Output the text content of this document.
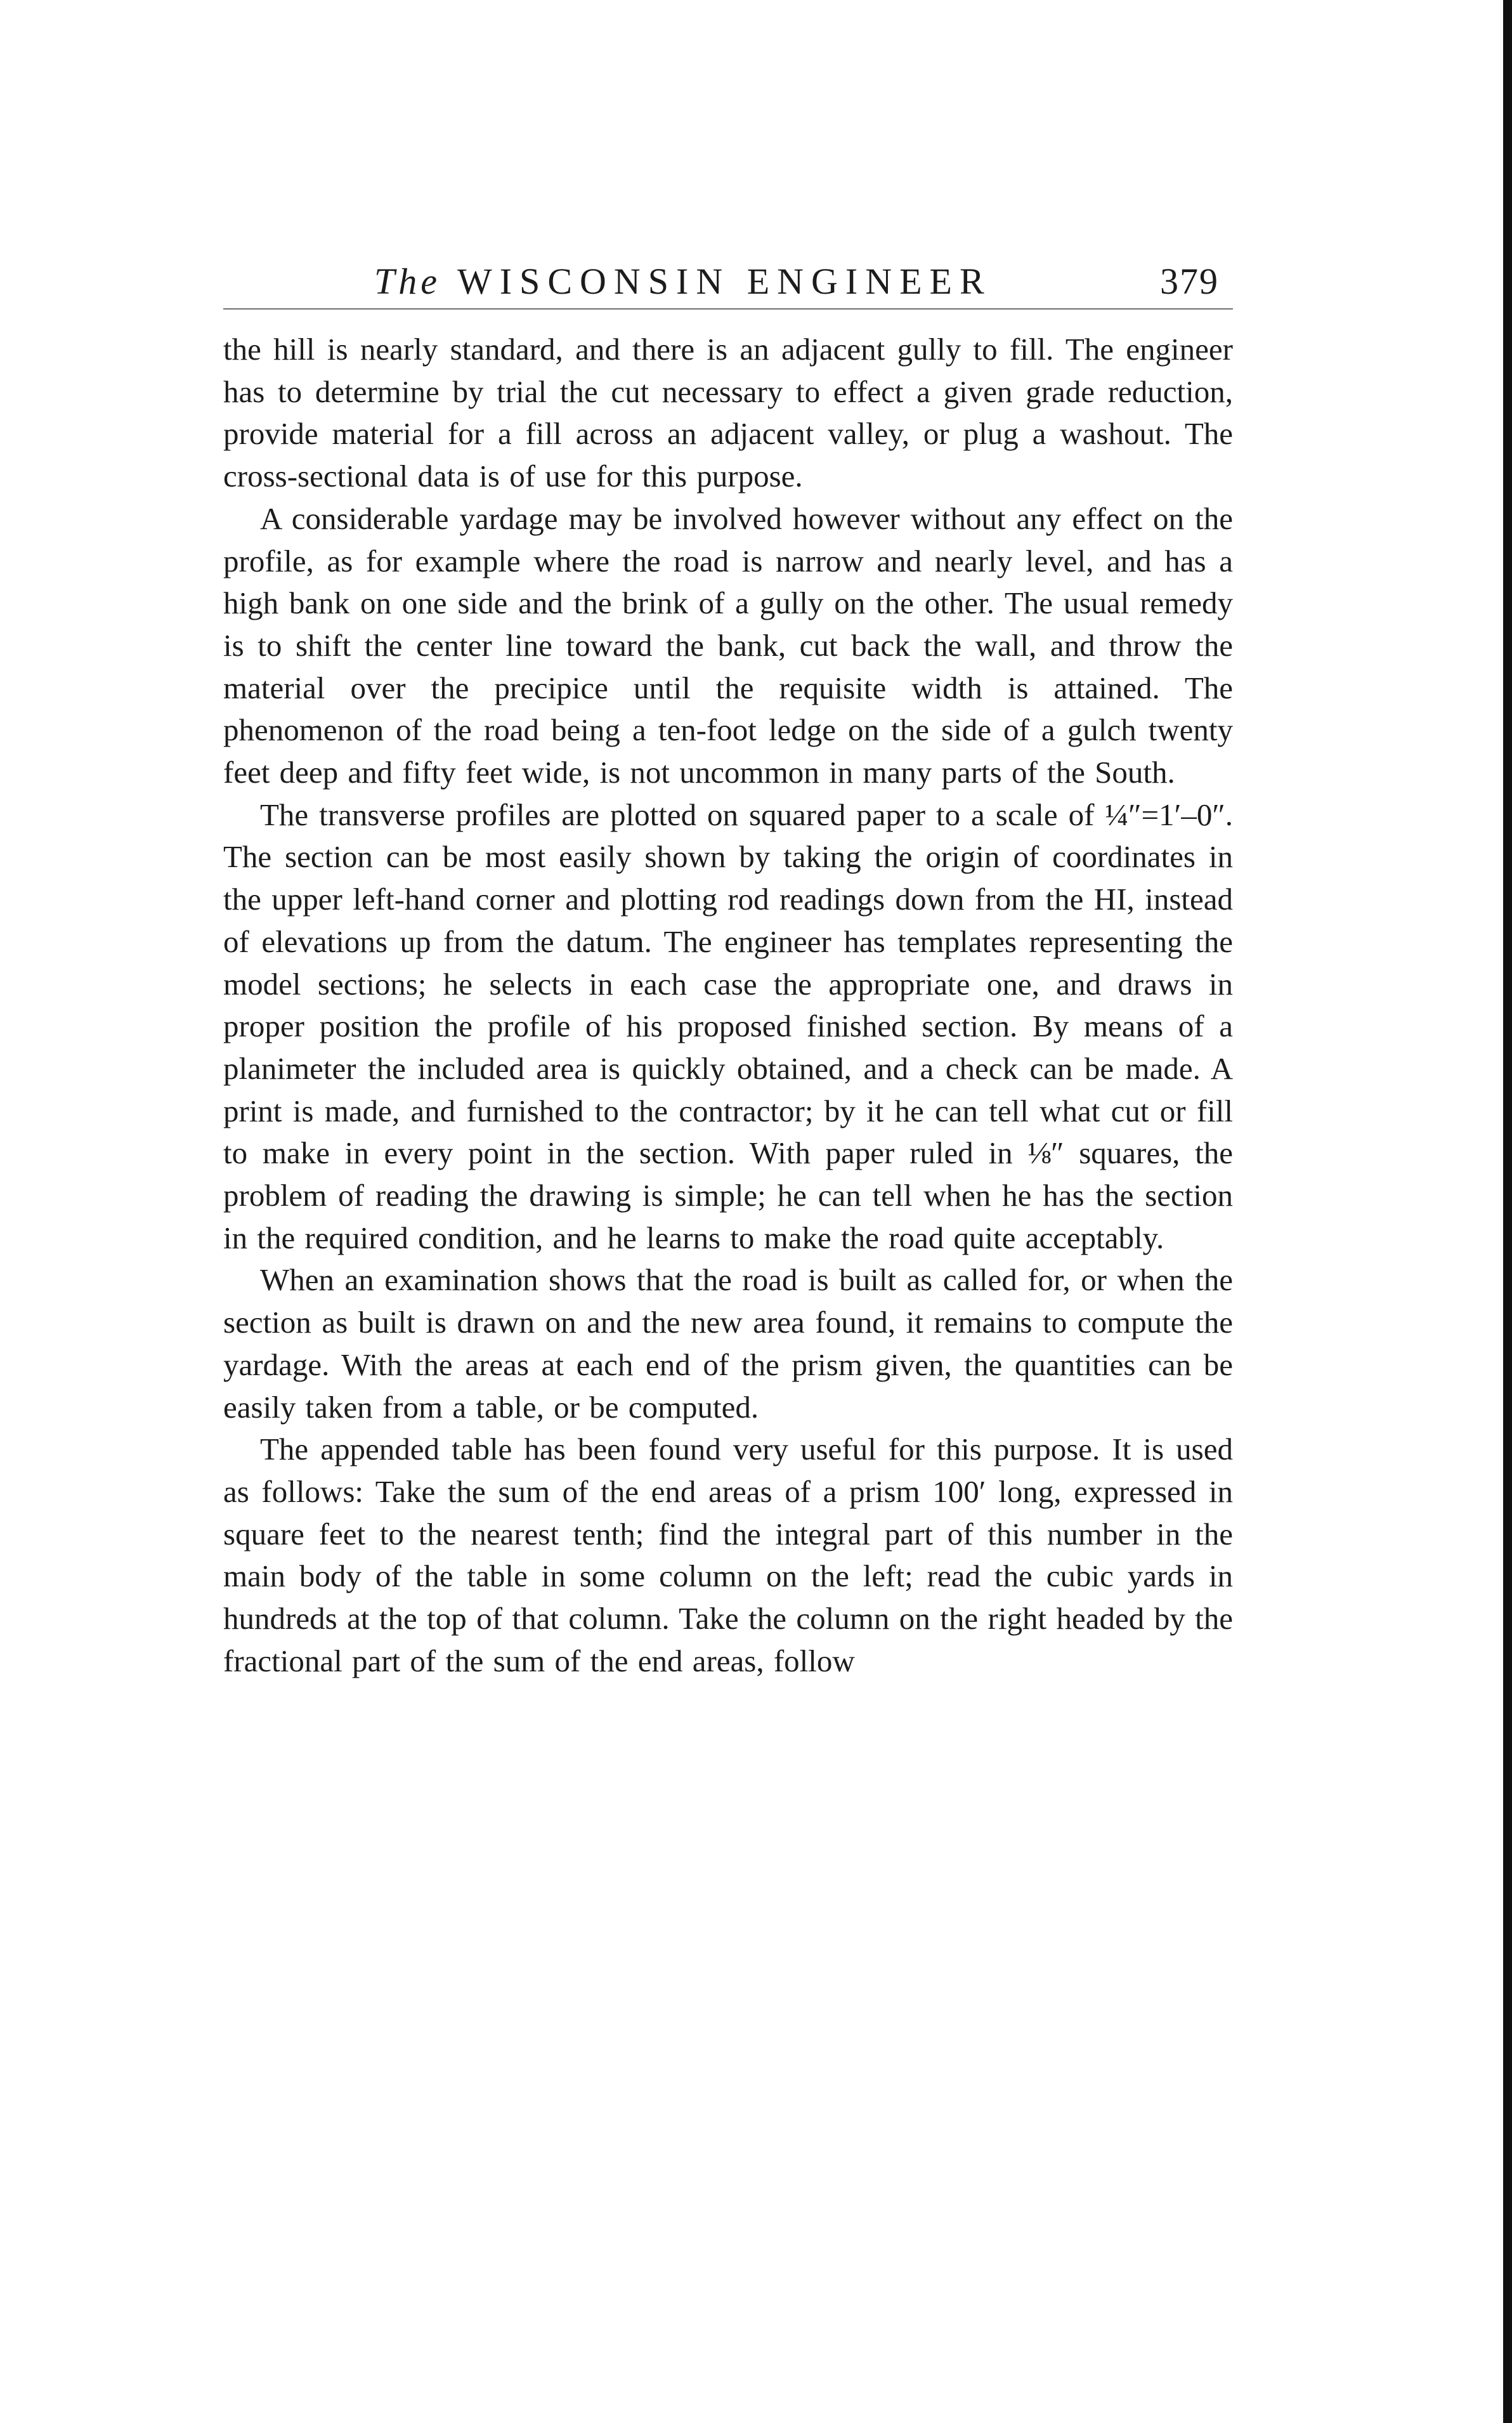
The WISCONSIN ENGINEER	379

the hill is nearly standard, and there is an adjacent gully to fill. The engineer has to determine by trial the cut necessary to effect a given grade reduction, provide material for a fill across an adjacent valley, or plug a washout. The cross-sectional data is of use for this purpose.

A considerable yardage may be involved however without any effect on the profile, as for example where the road is narrow and nearly level, and has a high bank on one side and the brink of a gully on the other. The usual remedy is to shift the center line toward the bank, cut back the wall, and throw the material over the precipice until the requisite width is attained. The phenomenon of the road being a ten-foot ledge on the side of a gulch twenty feet deep and fifty feet wide, is not uncommon in many parts of the South.

The transverse profiles are plotted on squared paper to a scale of ¼″=1′–0″. The section can be most easily shown by taking the origin of coordinates in the upper left-hand corner and plotting rod readings down from the HI, instead of elevations up from the datum. The engineer has templates representing the model sections; he selects in each case the appropriate one, and draws in proper position the profile of his proposed finished section. By means of a planimeter the included area is quickly obtained, and a check can be made. A print is made, and furnished to the contractor; by it he can tell what cut or fill to make in every point in the section. With paper ruled in ⅛″ squares, the problem of reading the drawing is simple; he can tell when he has the section in the required condition, and he learns to make the road quite acceptably.

When an examination shows that the road is built as called for, or when the section as built is drawn on and the new area found, it remains to compute the yardage. With the areas at each end of the prism given, the quantities can be easily taken from a table, or be computed.

The appended table has been found very useful for this purpose. It is used as follows: Take the sum of the end areas of a prism 100′ long, expressed in square feet to the nearest tenth; find the integral part of this number in the main body of the table in some column on the left; read the cubic yards in hundreds at the top of that column. Take the column on the right headed by the fractional part of the sum of the end areas, follow
